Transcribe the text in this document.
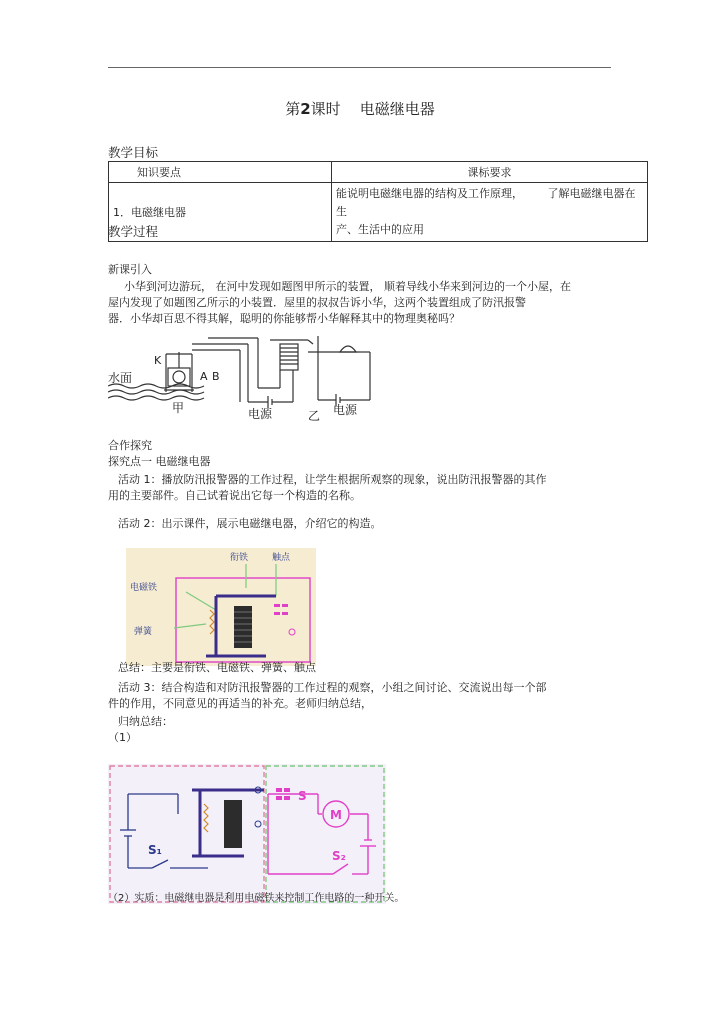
第2课时 电磁继电器
教学目标
知识要点	课标要求
1．电磁继电器	能说明电磁继电器的结构及工作原理， 了解电磁继电器在生
产、生活中的应用
教学过程
新课引入
小华到河边游玩， 在河中发现如题图甲所示的装置， 顺着导线小华来到河边的一个小屋，在
屋内发现了如题图乙所示的小装置．屋里的叔叔告诉小华，这两个装置组成了防汛报警
器．小华却百思不得其解，聪明的你能够帮小华解释其中的物理奥秘吗？
K
A B
水面
甲	电源	乙 电源
合作探究
探究点一 电磁继电器
活动 1：播放防汛报警器的工作过程，让学生根据所观察的现象，说出防汛报警器的其作
用的主要部件。自己试着说出它每一个构造的名称。
活动 2：出示课件，展示电磁继电器，介绍它的构造。
衔铁	触点
电磁铁
弹簧
总结：主要是衔铁、电磁铁、弹簧、触点
活动 3：结合构造和对防汛报警器的工作过程的观察，小组之间讨论、交流说出每一个部
件的作用，不同意见的再适当的补充。老师归纳总结，
归纳总结：
（1）
S
M
S₁	S₂
（2）实质：电磁继电器是利用电磁铁来控制工作电路的一种开关。
